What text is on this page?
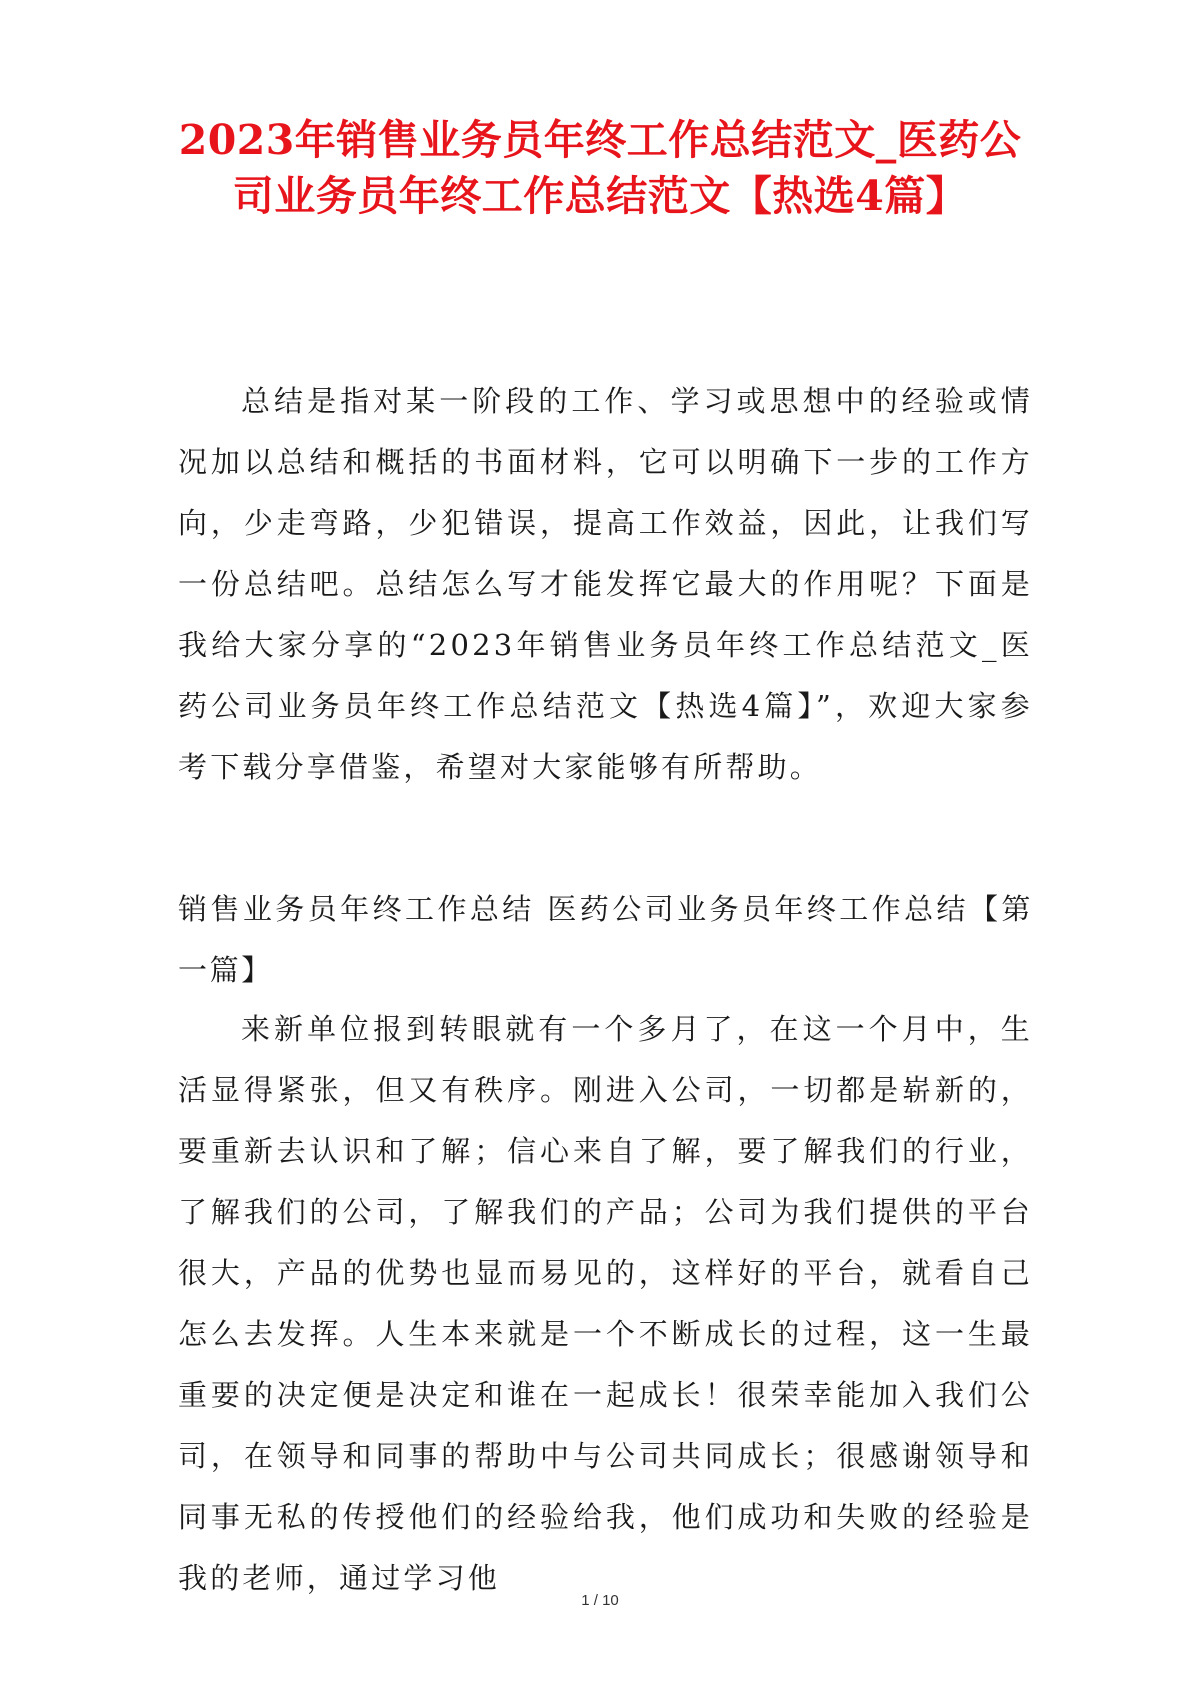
2023年销售业务员年终工作总结范文_医药公司业务员年终工作总结范文【热选4篇】

总结是指对某一阶段的工作、学习或思想中的经验或情况加以总结和概括的书面材料，它可以明确下一步的工作方向，少走弯路，少犯错误，提高工作效益，因此，让我们写一份总结吧。总结怎么写才能发挥它最大的作用呢？下面是我给大家分享的“2023年销售业务员年终工作总结范文_医药公司业务员年终工作总结范文【热选4篇】”，欢迎大家参考下载分享借鉴，希望对大家能够有所帮助。

销售业务员年终工作总结 医药公司业务员年终工作总结【第一篇】

来新单位报到转眼就有一个多月了，在这一个月中，生活显得紧张，但又有秩序。刚进入公司，一切都是崭新的，要重新去认识和了解；信心来自了解，要了解我们的行业，了解我们的公司，了解我们的产品；公司为我们提供的平台很大，产品的优势也显而易见的，这样好的平台，就看自己怎么去发挥。人生本来就是一个不断成长的过程，这一生最重要的决定便是决定和谁在一起成长！很荣幸能加入我们公司，在领导和同事的帮助中与公司共同成长；很感谢领导和同事无私的传授他们的经验给我，他们成功和失败的经验是我的老师，通过学习他

1 / 10
